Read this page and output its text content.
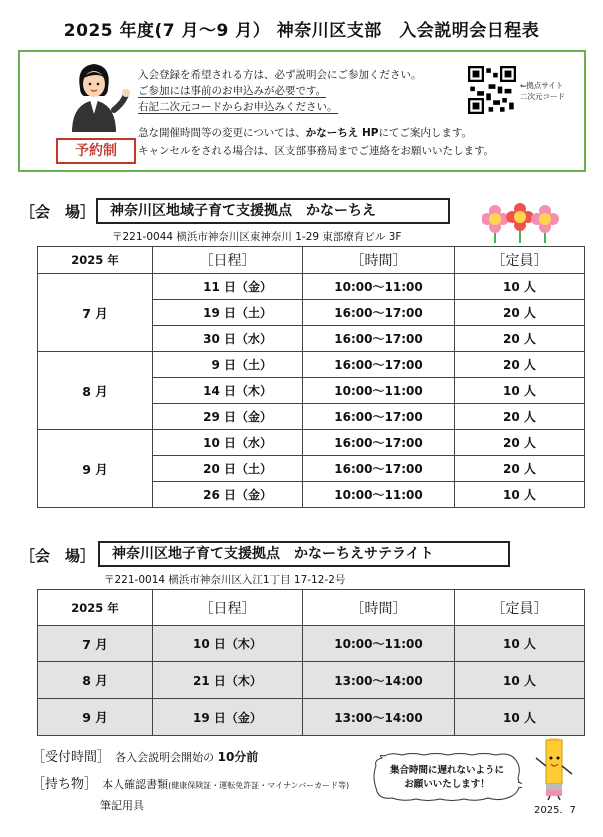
2025 年度(7 月〜9 月） 神奈川区支部　入会説明会日程表
予約制
入会登録を希望される方は、必ず説明会にご参加ください。
ご参加には事前のお申込みが必要です。
右記二次元コードからお申込みください。
急な開催時間等の変更については、かなーちえ HPにてご案内します。
キャンセルをされる場合は、区支部事務局までご連絡をお願いいたします。
⇐拠点サイト
二次元コード
［会　場］	神奈川区地域子育て支援拠点　かなーちえ
〒221-0044 横浜市神奈川区東神奈川 1-29 東部療育ビル 3F
2025 年	［日程］	［時間］	［定員］
7 月	11 日（金）	10:00〜11:00	10 人
	19 日（土）	16:00〜17:00	20 人
	30 日（水）	16:00〜17:00	20 人
8 月	9 日（土）	16:00〜17:00	20 人
	14 日（木）	10:00〜11:00	10 人
	29 日（金）	16:00〜17:00	20 人
9 月	10 日（水）	16:00〜17:00	20 人
	20 日（土）	16:00〜17:00	20 人
	26 日（金）	10:00〜11:00	10 人
［会　場］	神奈川区地子育て支援拠点　かなーちえサテライト
〒221-0014 横浜市神奈川区入江1丁目 17-12-2号
2025 年	［日程］	［時間］	［定員］
7 月	10 日（木）	10:00〜11:00	10 人
8 月	21 日（木）	13:00〜14:00	10 人
9 月	19 日（金）	13:00〜14:00	10 人
［受付時間］ 各入会説明会開始の 10分前
［持ち物］ 本人確認書類(健康保険証・運転免許証・マイナンバーカード等)
筆記用具
集合時間に遅れないように
お願いいたします！
2025．7
